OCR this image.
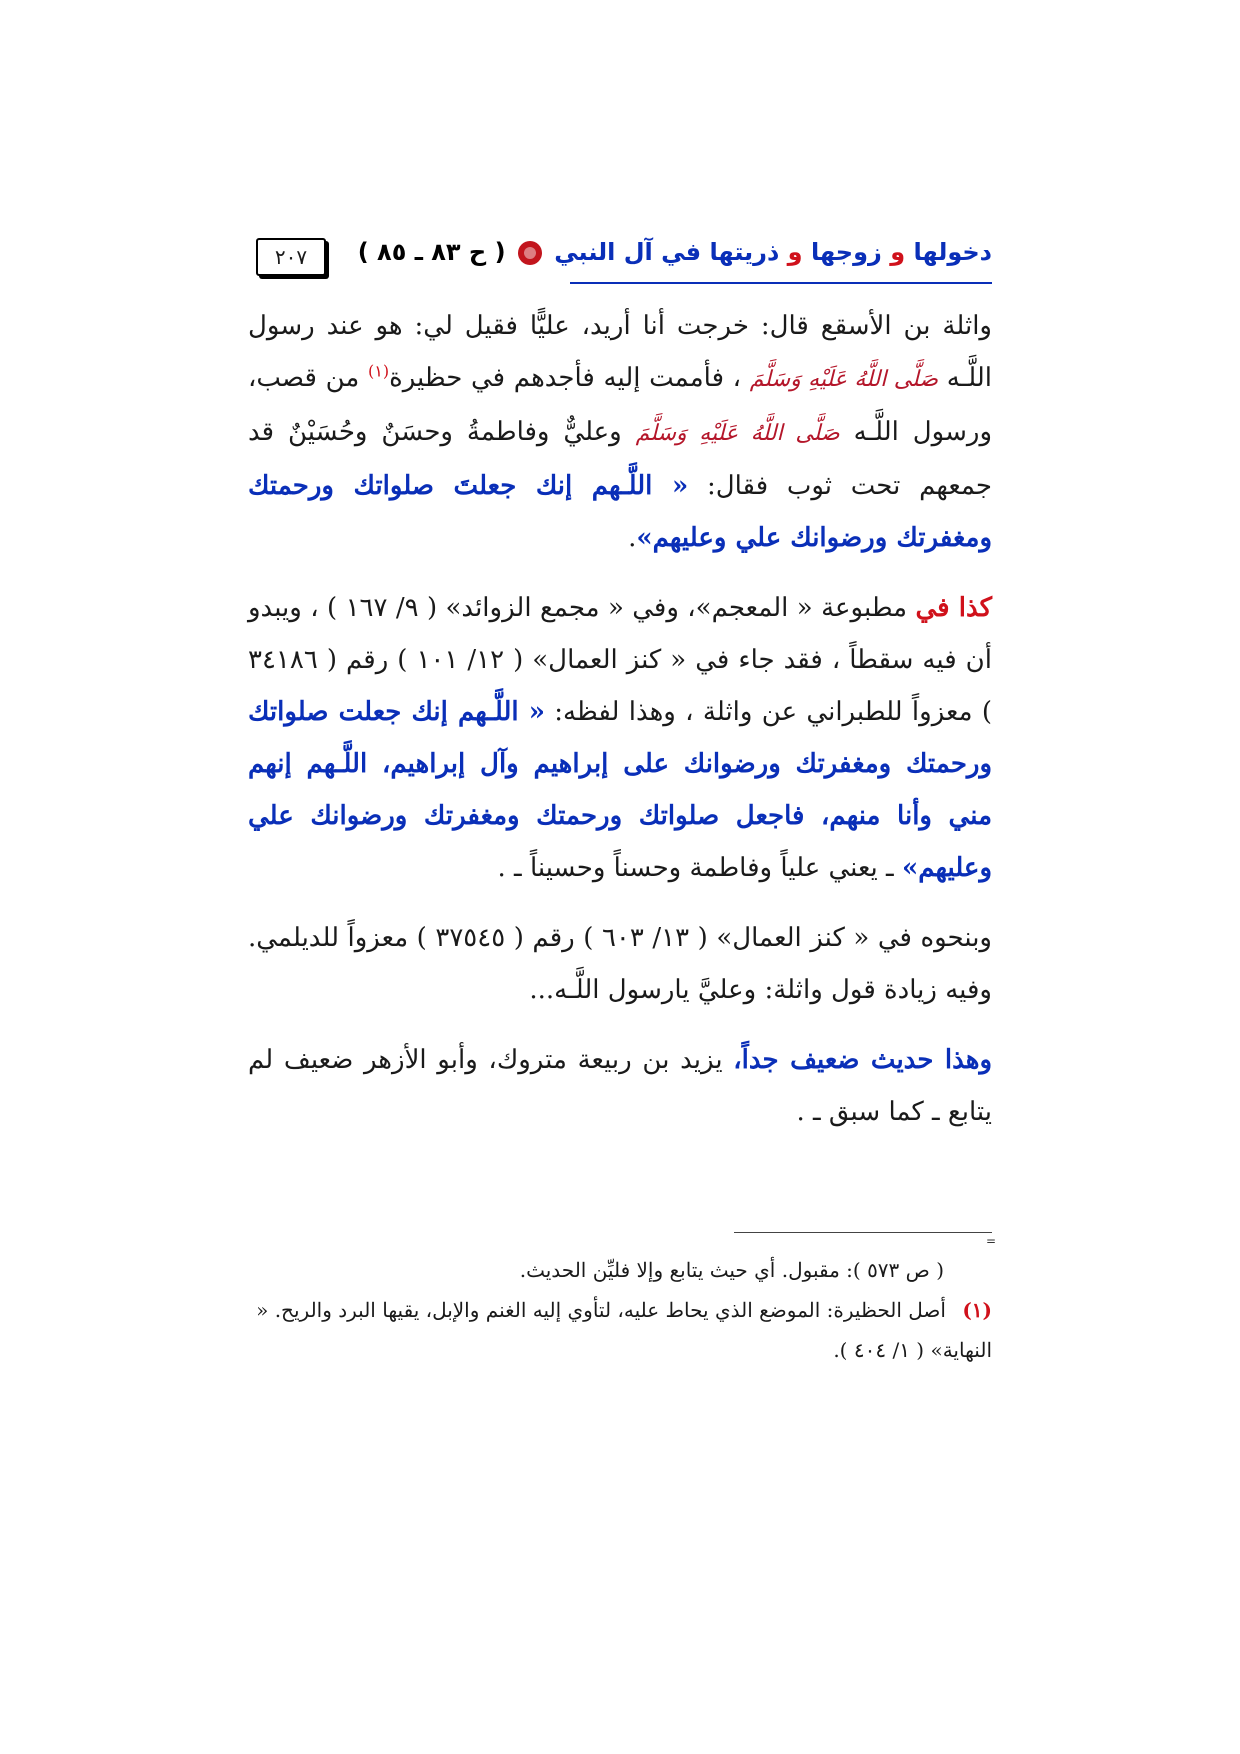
دخولها و زوجها و ذريتها في آل النبي  ( ح ٨٣ ـ ٨٥ )
٢٠٧

واثلة بن الأسقع قال: خرجت أنا أريد، عليًّا فقيل لي: هو عند رسول اللَّـه صَلَّى اللَّهُ عَلَيْهِ وَسَلَّمَ ، فأممت إليه فأجدهم في حظيرة$^{(١)}$ من قصب، ورسول اللَّـه صَلَّى اللَّهُ عَلَيْهِ وَسَلَّمَ وعليٌّ وفاطمةُ وحسَنٌ وحُسَيْنٌ قد جمعهم تحت ثوب فقال: « اللَّـهم إنك جعلتَ صلواتك ورحمتك ومغفرتك ورضوانك علي وعليهم».

كذا في مطبوعة « المعجم»، وفي « مجمع الزوائد» ( ٩/ ١٦٧ ) ، ويبدو أن فيه سقطاً ، فقد جاء في « كنز العمال» ( ١٢/ ١٠١ ) رقم ( ٣٤١٨٦ ) معزواً للطبراني عن واثلة ، وهذا لفظه: « اللَّـهم إنك جعلت صلواتك ورحمتك ومغفرتك ورضوانك على إبراهيم وآل إبراهيم، اللَّـهم إنهم مني وأنا منهم، فاجعل صلواتك ورحمتك ومغفرتك ورضوانك علي وعليهم» ـ يعني علياً وفاطمة وحسناً وحسيناً ـ .

وبنحوه في « كنز العمال» ( ١٣/ ٦٠٣ ) رقم ( ٣٧٥٤٥ ) معزواً للديلمي. وفيه زيادة قول واثلة: وعليَّ يارسول اللَّـه...

وهذا حديث ضعيف جداً، يزيد بن ربيعة متروك، وأبو الأزهر ضعيف لم يتابع ـ كما سبق ـ .

=

( ص ٥٧٣ ): مقبول. أي حيث يتابع وإلا فليِّن الحديث.

(١) أصل الحظيرة: الموضع الذي يحاط عليه، لتأوي إليه الغنم والإبل، يقيها البرد والريح. « النهاية» ( ١/ ٤٠٤ ).
